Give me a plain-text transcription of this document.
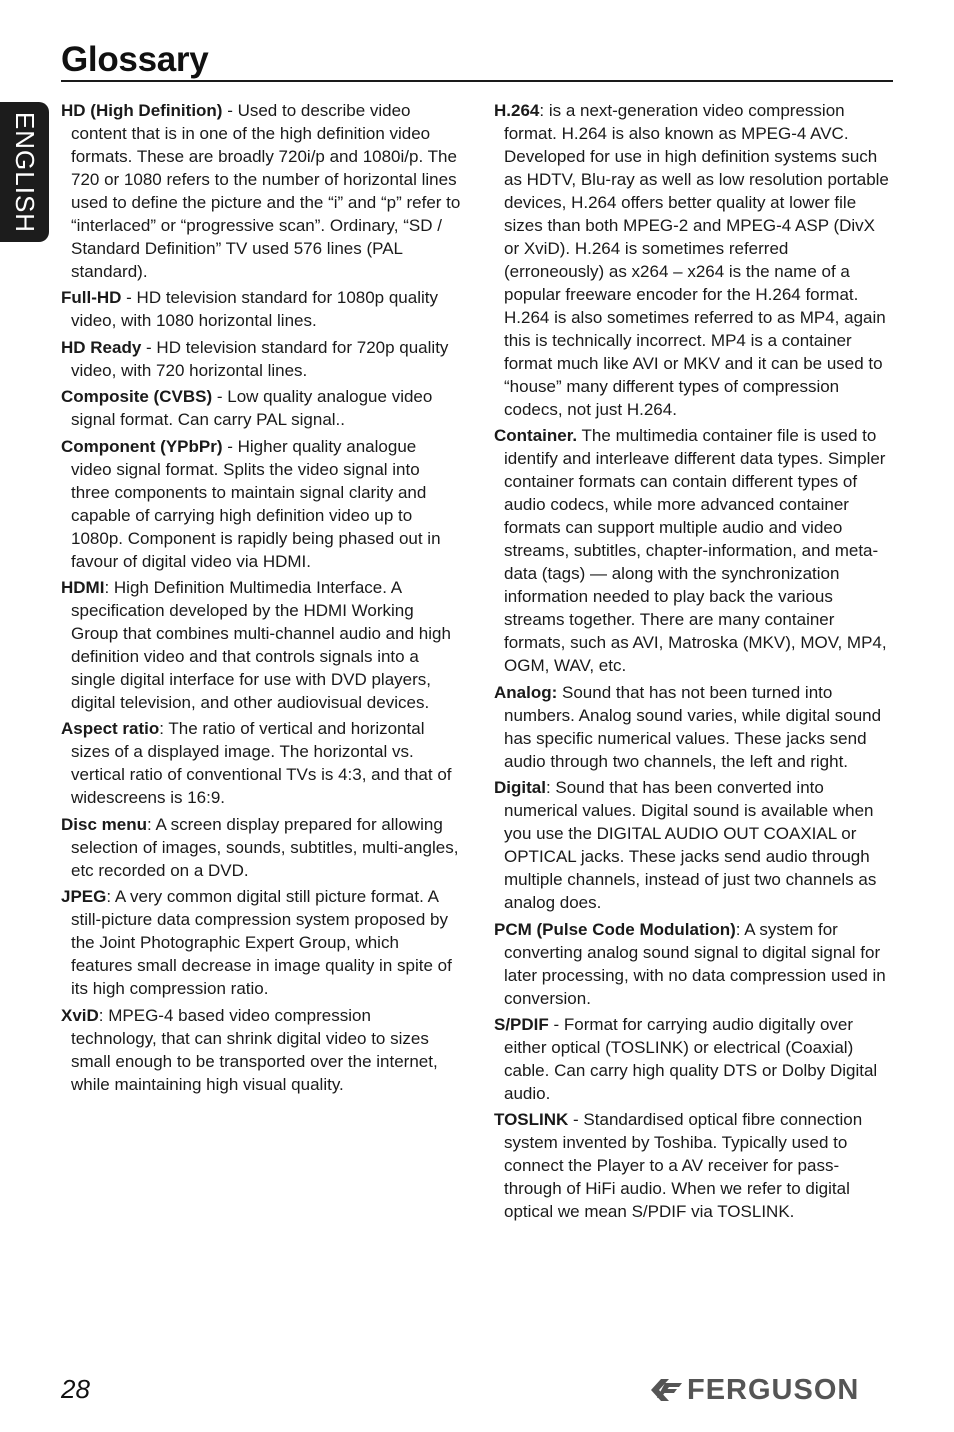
Glossary
ENGLISH

HD (High Definition) - Used to describe video content that is in one of the high definition video formats. These are broadly 720i/p and 1080i/p. The 720 or 1080 refers to the number of horizontal lines used to define the picture and the “i” and “p” refer to “interlaced” or “progressive scan”. Ordinary, “SD / Standard Definition” TV used 576 lines (PAL standard).

Full-HD - HD television standard for 1080p quality video, with 1080 horizontal lines.

HD Ready - HD television standard for 720p quality video, with 720 horizontal lines.

Composite (CVBS) - Low quality analogue video signal format. Can carry PAL signal..

Component (YPbPr) - Higher quality analogue video signal format. Splits the video signal into three components to maintain signal clarity and capable of carrying high definition video up to 1080p. Component is rapidly being phased out in favour of digital video via HDMI.

HDMI: High Definition Multimedia Interface. A specification developed by the HDMI Working Group that combines multi-channel audio and high definition video and that controls signals into a single digital interface for use with DVD players, digital television, and other audiovisual devices.

Aspect ratio: The ratio of vertical and horizontal sizes of a displayed image. The horizontal vs. vertical ratio of conventional TVs is 4:3, and that of widescreens is 16:9.

Disc menu: A screen display prepared for allowing selection of images, sounds, subtitles, multi-angles, etc recorded on a DVD.

JPEG: A very common digital still picture format. A still-picture data compression system proposed by the Joint Photographic Expert Group, which features small decrease in image quality in spite of its high compression ratio.

XviD: MPEG-4 based video compression technology, that can shrink digital video to sizes small enough to be transported over the internet, while maintaining high visual quality.

H.264: is a next-generation video compression format. H.264 is also known as MPEG-4 AVC. Developed for use in high definition systems such as HDTV, Blu-ray as well as low resolution portable devices, H.264 offers better quality at lower file sizes than both MPEG-2 and MPEG-4 ASP (DivX or XviD). H.264 is sometimes referred (erroneously) as x264 – x264 is the name of a popular freeware encoder for the H.264 format. H.264 is also sometimes referred to as MP4, again this is technically incorrect. MP4 is a container format much like AVI or MKV and it can be used to “house” many different types of compression codecs, not just H.264.

Container. The multimedia container file is used to identify and interleave different data types. Simpler container formats can contain different types of audio codecs, while more advanced container formats can support multiple audio and video streams, subtitles, chapter-information, and meta-data (tags) — along with the synchronization information needed to play back the various streams together. There are many container formats, such as AVI, Matroska (MKV), MOV, MP4, OGM, WAV, etc.

Analog: Sound that has not been turned into numbers. Analog sound varies, while digital sound has specific numerical values. These jacks send audio through two channels, the left and right.

Digital: Sound that has been converted into numerical values. Digital sound is available when you use the DIGITAL AUDIO OUT COAXIAL or OPTICAL jacks. These jacks send audio through multiple channels, instead of just two channels as analog does.

PCM (Pulse Code Modulation): A system for converting analog sound signal to digital signal for later processing, with no data compression used in conversion.

S/PDIF - Format for carrying audio digitally over either optical (TOSLINK) or electrical (Coaxial) cable. Can carry high quality DTS or Dolby Digital audio.

TOSLINK - Standardised optical fibre connection system invented by Toshiba. Typically used to connect the Player to a AV receiver for pass-through of HiFi audio. When we refer to digital optical we mean S/PDIF via TOSLINK.

28	FERGUSON
